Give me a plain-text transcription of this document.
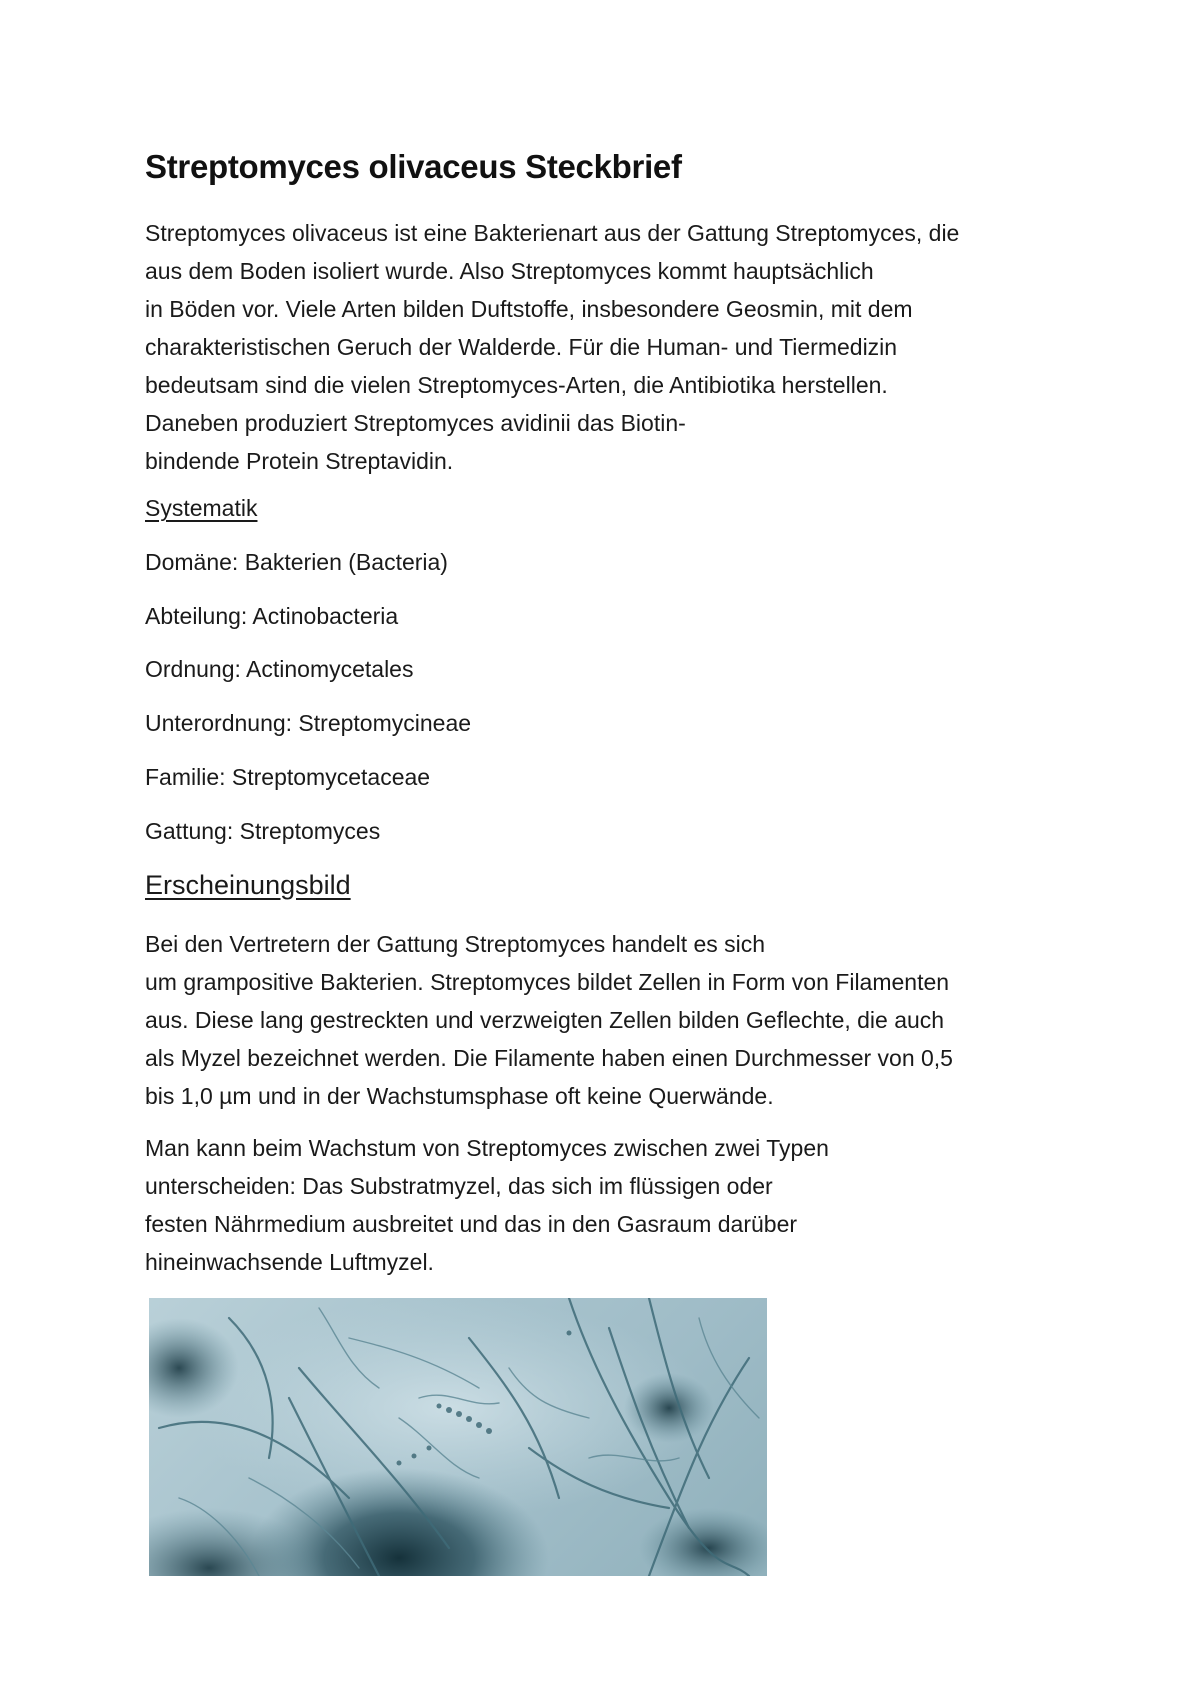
Streptomyces olivaceus Steckbrief

Streptomyces olivaceus ist eine Bakterienart aus der Gattung Streptomyces, die
aus dem Boden isoliert wurde. Also Streptomyces kommt hauptsächlich
in Böden vor. Viele Arten bilden Duftstoffe, insbesondere Geosmin, mit dem
charakteristischen Geruch der Walderde. Für die Human- und Tiermedizin
bedeutsam sind die vielen Streptomyces-Arten, die Antibiotika herstellen.
Daneben produziert Streptomyces avidinii das Biotin-
bindende Protein Streptavidin.

Systematik

Domäne: Bakterien (Bacteria)

Abteilung: Actinobacteria

Ordnung: Actinomycetales

Unterordnung: Streptomycineae

Familie: Streptomycetaceae

Gattung: Streptomyces

Erscheinungsbild

Bei den Vertretern der Gattung Streptomyces handelt es sich
um grampositive Bakterien. Streptomyces bildet Zellen in Form von Filamenten
aus. Diese lang gestreckten und verzweigten Zellen bilden Geflechte, die auch
als Myzel bezeichnet werden. Die Filamente haben einen Durchmesser von 0,5
bis 1,0 µm und in der Wachstumsphase oft keine Querwände.

Man kann beim Wachstum von Streptomyces zwischen zwei Typen
unterscheiden: Das Substratmyzel, das sich im flüssigen oder
festen Nährmedium ausbreitet und das in den Gasraum darüber
hineinwachsende Luftmyzel.
